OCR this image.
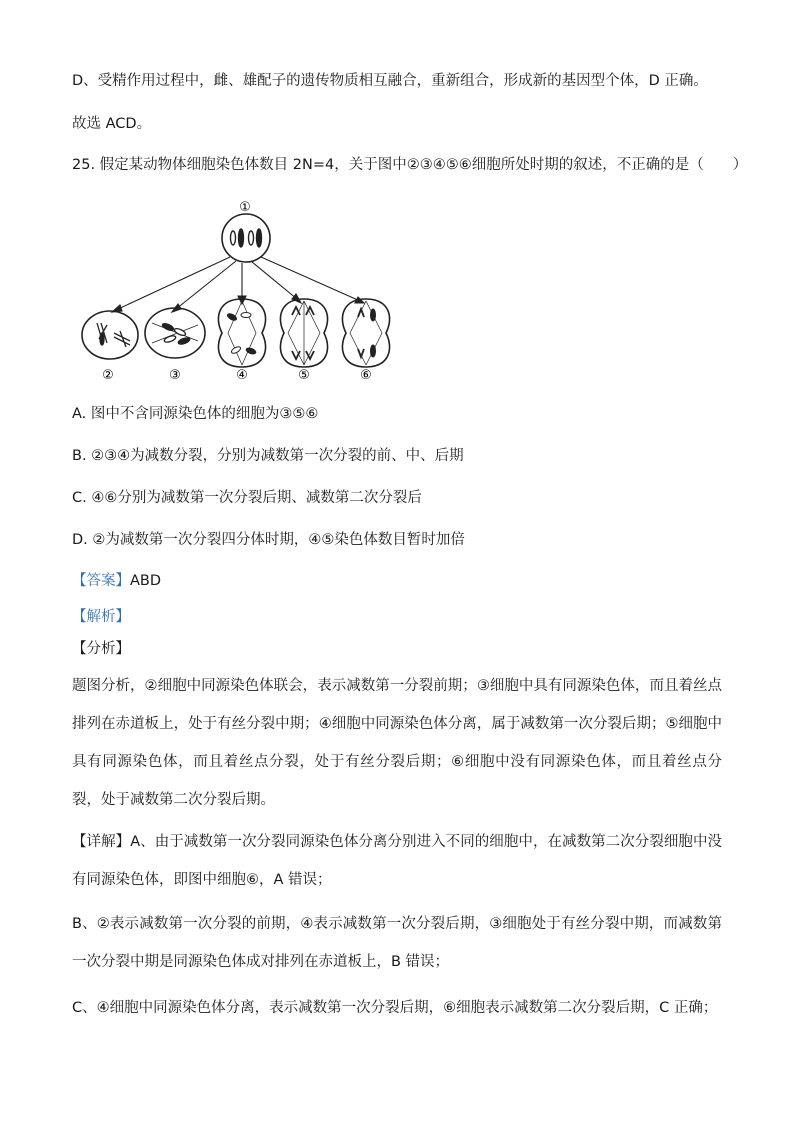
D、受精作用过程中，雌、雄配子的遗传物质相互融合，重新组合，形成新的基因型个体，D 正确。
故选 ACD。
25. 假定某动物体细胞染色体数目 2N=4，关于图中②③④⑤⑥细胞所处时期的叙述，不正确的是（　　）
①
②	③	④	⑤	⑥
A. 图中不含同源染色体的细胞为③⑤⑥
B. ②③④为减数分裂，分别为减数第一次分裂的前、中、后期
C. ④⑥分别为减数第一次分裂后期、减数第二次分裂后
D. ②为减数第一次分裂四分体时期，④⑤染色体数目暂时加倍
【答案】ABD
【解析】
【分析】
题图分析，②细胞中同源染色体联会，表示减数第一分裂前期；③细胞中具有同源染色体，而且着丝点排列在赤道板上，处于有丝分裂中期；④细胞中同源染色体分离，属于减数第一次分裂后期；⑤细胞中具有同源染色体，而且着丝点分裂，处于有丝分裂后期；⑥细胞中没有同源染色体，而且着丝点分裂，处于减数第二次分裂后期。
【详解】A、由于减数第一次分裂同源染色体分离分别进入不同的细胞中，在减数第二次分裂细胞中没有同源染色体，即图中细胞⑥，A 错误；
B、②表示减数第一次分裂的前期，④表示减数第一次分裂后期，③细胞处于有丝分裂中期，而减数第一次分裂中期是同源染色体成对排列在赤道板上，B 错误；
C、④细胞中同源染色体分离，表示减数第一次分裂后期，⑥细胞表示减数第二次分裂后期，C 正确；
